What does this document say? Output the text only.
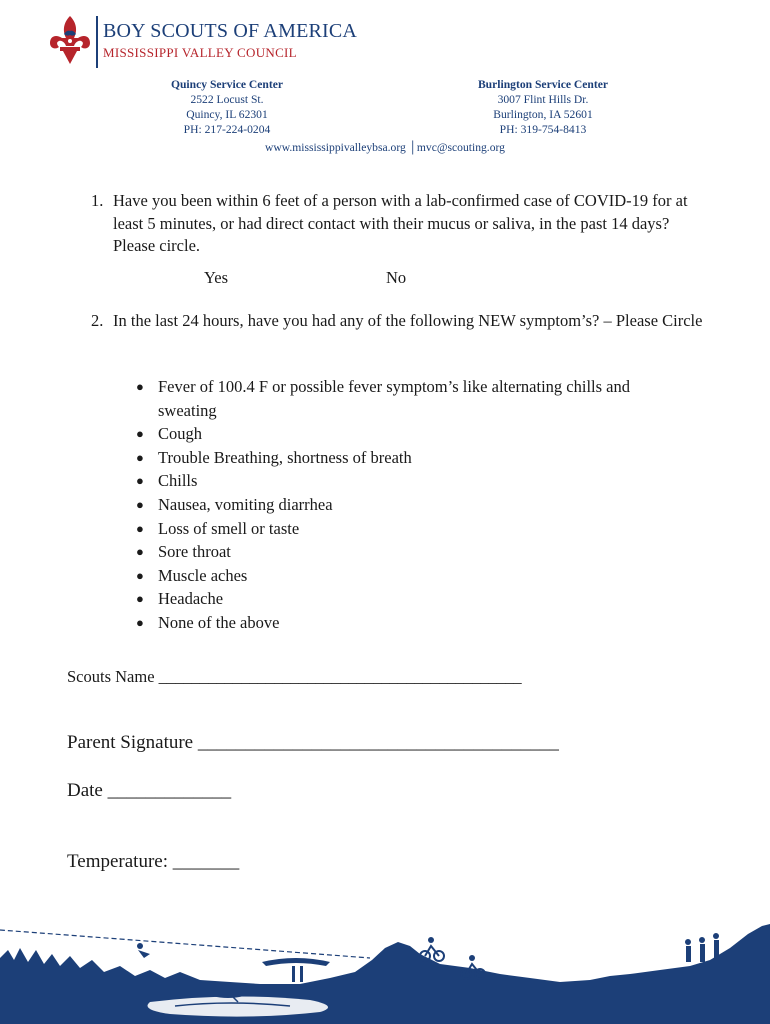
BOY SCOUTS OF AMERICA
MISSISSIPPI VALLEY COUNCIL
Quincy Service Center
2522 Locust St.
Quincy, IL 62301
PH: 217-224-0204
Burlington Service Center
3007 Flint Hills Dr.
Burlington, IA 52601
PH: 319-754-8413
www.mississippivalleybsa.org │mvc@scouting.org
1. Have you been within 6 feet of a person with a lab-confirmed case of COVID-19 for at least 5 minutes, or had direct contact with their mucus or saliva, in the past 14 days? Please circle.
Yes	No
2. In the last 24 hours, have you had any of the following NEW symptom’s? – Please Circle
● Fever of 100.4 F or possible fever symptom’s like alternating chills and sweating
● Cough
● Trouble Breathing, shortness of breath
● Chills
● Nausea, vomiting diarrhea
● Loss of smell or taste
● Sore throat
● Muscle aches
● Headache
● None of the above
Scouts Name ____________________________________________
Parent Signature ______________________________________
Date _____________
Temperature: _______
